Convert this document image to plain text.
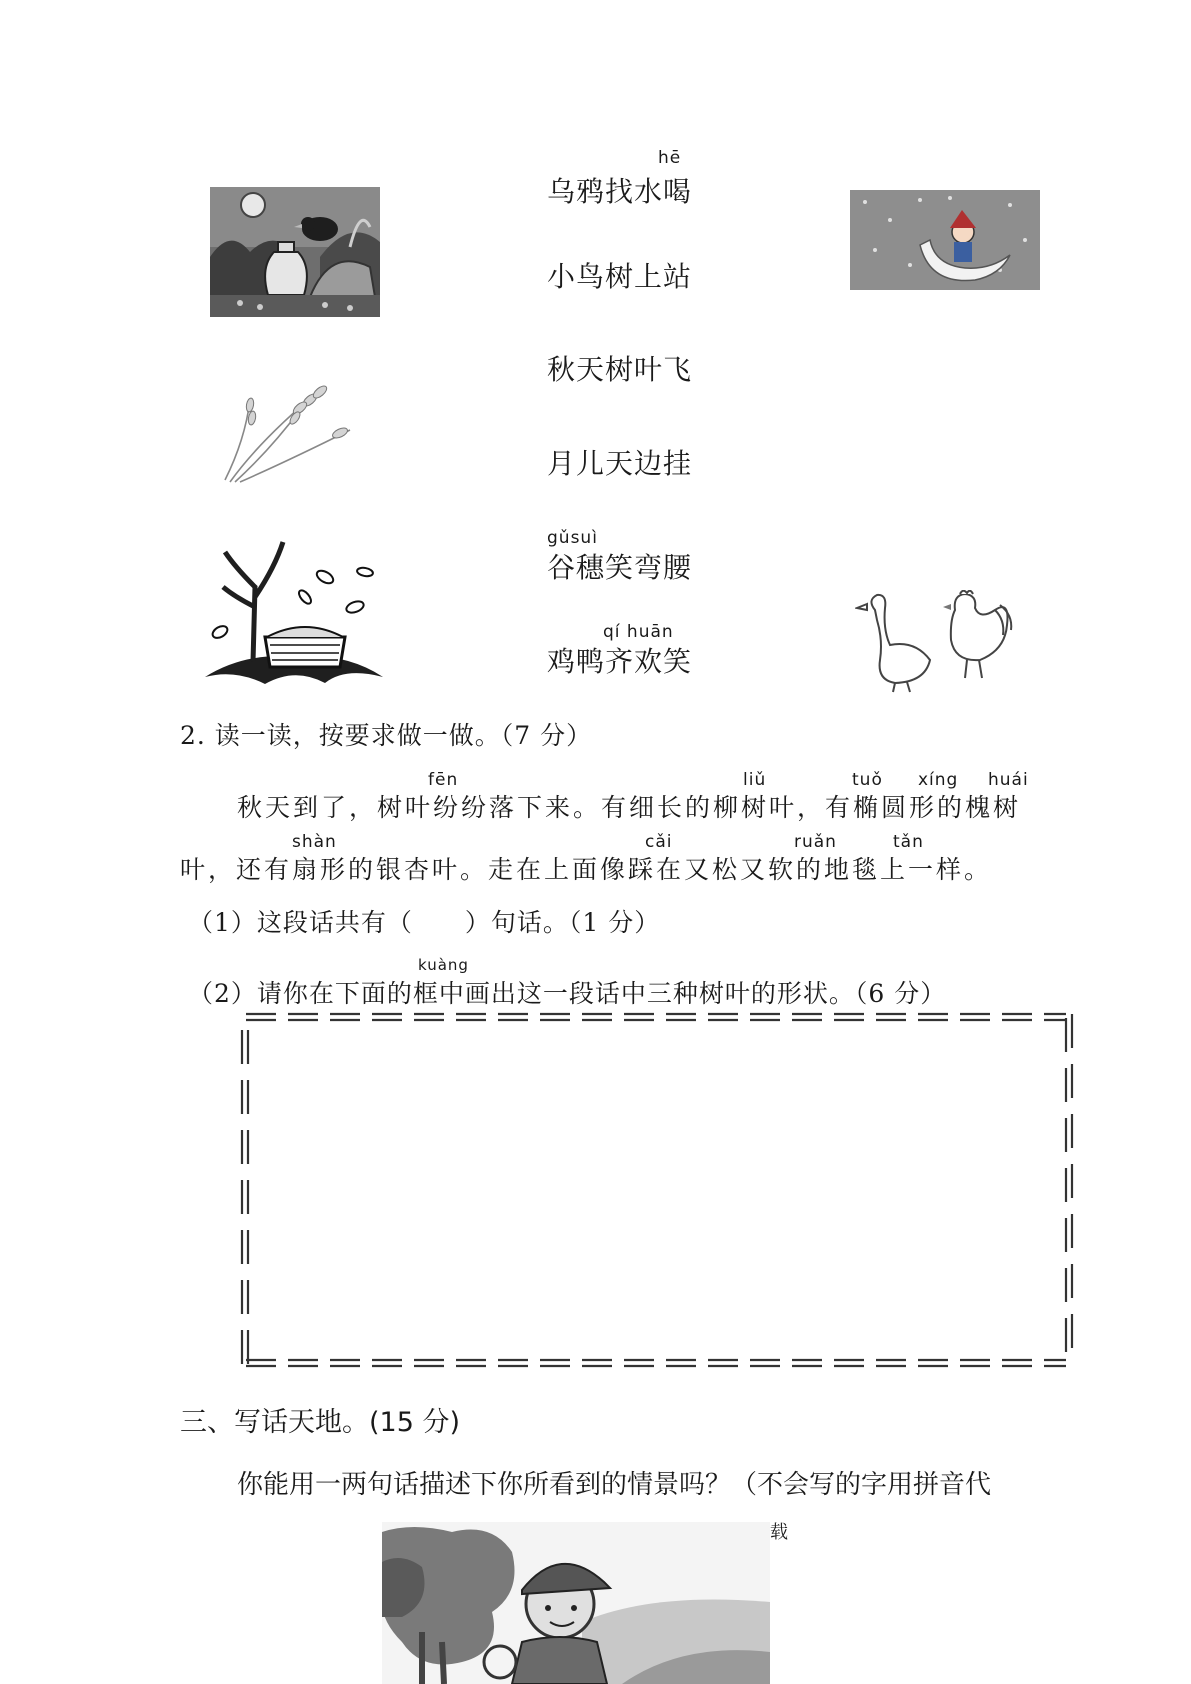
乌鸦找水喝
hē
小鸟树上站
秋天树叶飞
月儿天边挂
gǔsuì
谷穗笑弯腰
qí huān
鸡鸭齐欢笑
2. 读一读，按要求做一做。（7 分）
fēn	liǔ	tuǒ xíng huái
秋天到了，树叶纷纷落下来。有细长的柳树叶，有椭圆形的槐树
shàn	cǎi	ruǎn	tǎn
叶，还有扇形的银杏叶。走在上面像踩在又松又软的地毯上一样。
（1）这段话共有（　　）句话。（1 分）
kuàng
（2）请你在下面的框中画出这一段话中三种树叶的形状。（6 分）
三、写话天地。(15 分)
你能用一两句话描述下你所看到的情景吗？（不会写的字用拼音代
载
